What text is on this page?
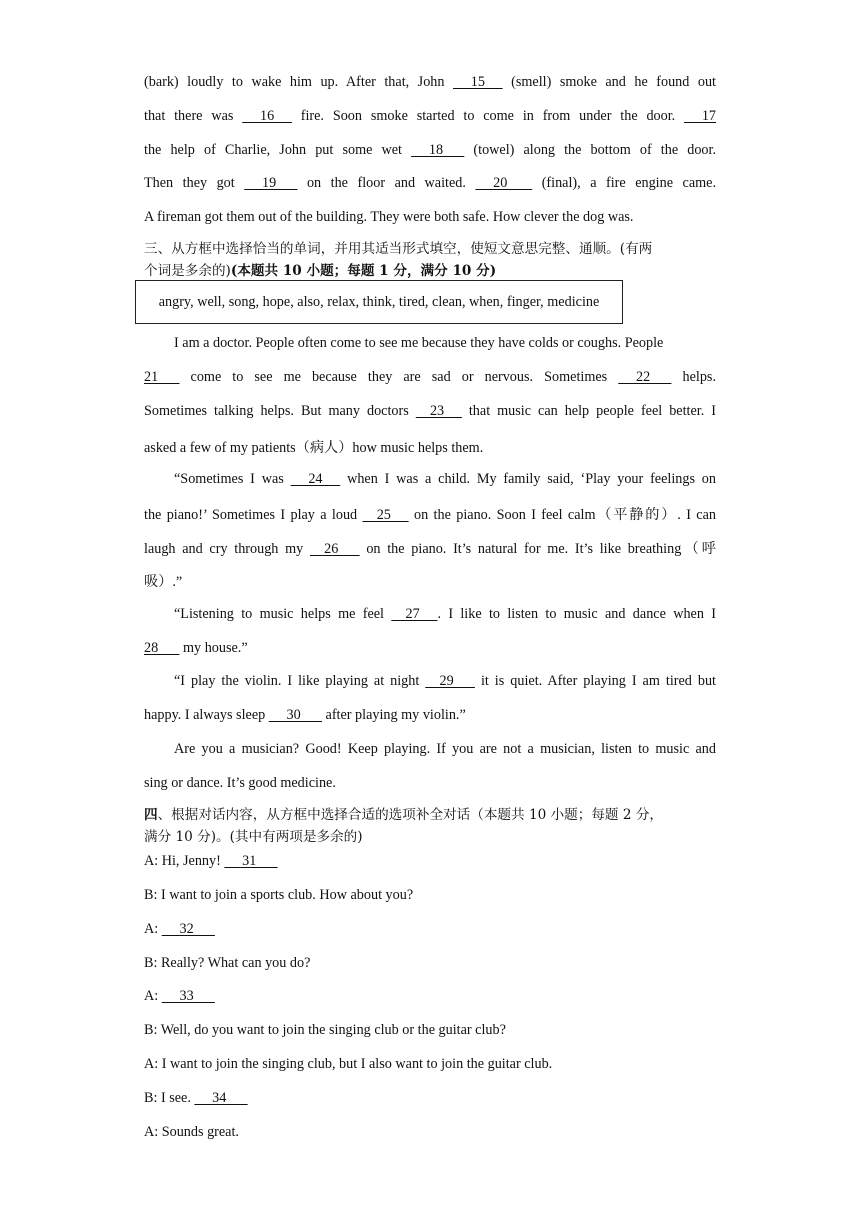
(bark) loudly to wake him up. After that, John      15      (smell) smoke and he found out
that there was      16      fire. Soon smoke started to come in from under the door.      17
the help of Charlie, John put some wet      18       (towel) along the bottom of the door.
Then they got      19       on the floor and waited.      20        (final), a fire engine came.
A fireman got them out of the building. They were both safe. How clever the dog was.
三、从方框中选择恰当的单词，并用其适当形式填空，使短文意思完整、通顺。(有两
个词是多余的)(本题共 10 小题；每题 1 分，满分 10 分)
angry, well, song, hope, also, relax, think, tired, clean, when, finger, medicine
I am a doctor. People often come to see me because they have colds or coughs. People
21       come to see me because they are sad or nervous. Sometimes      22       helps.
Sometimes talking helps. But many doctors     23      that music can help people feel better. I
asked a few of my patients（病人）how music helps them.
“Sometimes I was      24      when I was a child. My family said, ‘Play your feelings on
the piano!’ Sometimes I play a loud     25      on the piano. Soon I feel calm（平静的）. I can
laugh and cry through my     26       on the piano. It’s natural for me. It’s like breathing（呼
吸）.”
“Listening to music helps me feel     27     . I like to listen to music and dance when I
28       my house.”
“I play the violin. I like playing at night     29       it is quiet. After playing I am tired but
happy. I always sleep      30       after playing my violin.”
Are you a musician? Good! Keep playing. If you are not a musician, listen to music and
sing or dance. It’s good medicine.
四、根据对话内容，从方框中选择合适的选项补全对话（本题共 10 小题；每题 2 分，
满分 10 分)。(其中有两项是多余的)
A: Hi, Jenny!      31
B: I want to join a sports club. How about you?
A:      32
B: Really? What can you do?
A:      33
B: Well, do you want to join the singing club or the guitar club?
A: I want to join the singing club, but I also want to join the guitar club.
B: I see.      34
A: Sounds great.
